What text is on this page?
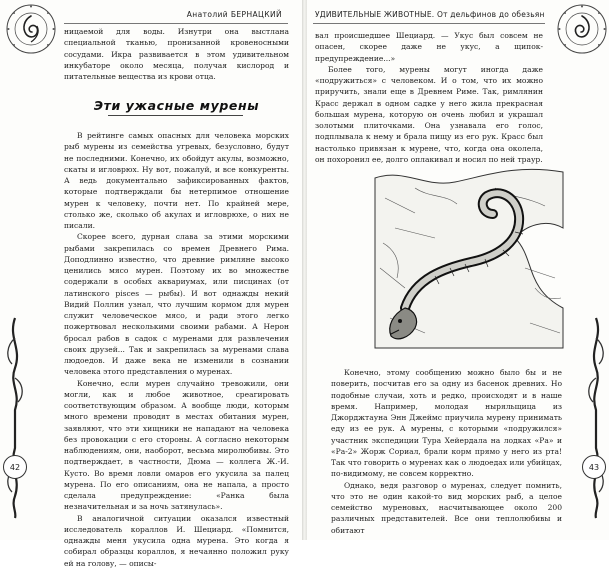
Анатолий БЕРНАЦКИЙ

ницаемой для воды. Изнутри она выстлана специальной тканью, пронизанной кровеносными сосудами. Икра развивается в этом удивительном инкубаторе около месяца, получая кислород и питательные вещества из крови отца.

Эти ужасные мурены

В рейтинге самых опасных для человека морских рыб мурены из семейства угревых, безусловно, будут не последними. Конечно, их обойдут акулы, возможно, скаты и игловрюх. Ну вот, пожалуй, и все конкуренты. А ведь документально зафиксированных фактов, которые подтверждали бы нетерпимое отношение мурен к человеку, почти нет. По крайней мере, столько же, сколько об акулах и игловрюхе, о них не писали.

Скорее всего, дурная слава за этими морскими рыбами закрепилась со времен Древнего Рима. Доподлинно известно, что древние римляне высоко ценились мясо мурен. Поэтому их во множестве содержали в особых аквариумах, или писцинах (от латинского pisces — рыбы). И вот однажды некий Видий Поллин узнал, что лучшим кормом для мурен служит человеческое мясо, и ради этого легко пожертвовал несколькими своими рабами. А Нерон бросал рабов в садок с муренами для развлечения своих друзей... Так и закрепилась за муренами слава людоедов. И даже века не изменили в сознании человека этого представления о муренах.

Конечно, если мурен случайно тревожили, они могли, как и любое животное, среагировать соответствующим образом. А вообще люди, которым много времени проводят в местах обитания мурен, заявляют, что эти хищники не нападают на человека без провокации с его стороны. А согласно некоторым наблюдениям, они, наоборот, весьма миролюбивы. Это подтверждает, в частности, Дюма — коллега Ж.-И. Кусто. Во время ловли омаров его укусила за палец мурена. По его описаниям, она не напала, а просто сделала предупреждение: «Ранка была незначительная и за ночь затянулась».

В аналогичной ситуации оказался известный исследователь кораллов И. Шециард. «Помнится, однажды меня укусила одна мурена. Это когда я собирал образцы кораллов, я нечаянно положил руку ей на голову, — описы-

42
УДИВИТЕЛЬНЫЕ ЖИВОТНЫЕ. От дельфинов до обезьян

вал происшедшее Шециард. — Укус был совсем не опасен, скорее даже не укус, а щипок-предупреждение...»

Более того, мурены могут иногда даже «подружиться» с человеком. И о том, что их можно приручить, знали еще в Древнем Риме. Так, римлянин Красс держал в одном садке у него жила прекрасная большая мурена, которую он очень любил и украшал золотыми плиточками. Она узнавала его голос, подплывала к нему и брала пищу из его рук. Красс был настолько привязан к мурене, что, когда она околела, он похоронил ее, долго оплакивал и носил по ней траур.

Конечно, этому сообщению можно было бы и не поверить, посчитав его за одну из басенок древних. Но подобные случаи, хоть и редко, происходят и в наше время. Например, молодая ныряльщица из Джорджтауна Энн Джеймс приучила мурену принимать еду из ее рук. А мурены, с которыми «подружился» участник экспедиции Тура Хейердала на лодках «Ра» и «Ра-2» Жорж Сориал, брали корм прямо у него из рта! Так что говорить о муренах как о людоедах или убийцах, по-видимому, не совсем корректно.

Однако, ведя разговор о муренах, следует помнить, что это не один какой-то вид морских рыб, а целое семейство муреновых, насчитывающее около 200 различных представителей. Все они теплолюбивы и обитают

43
